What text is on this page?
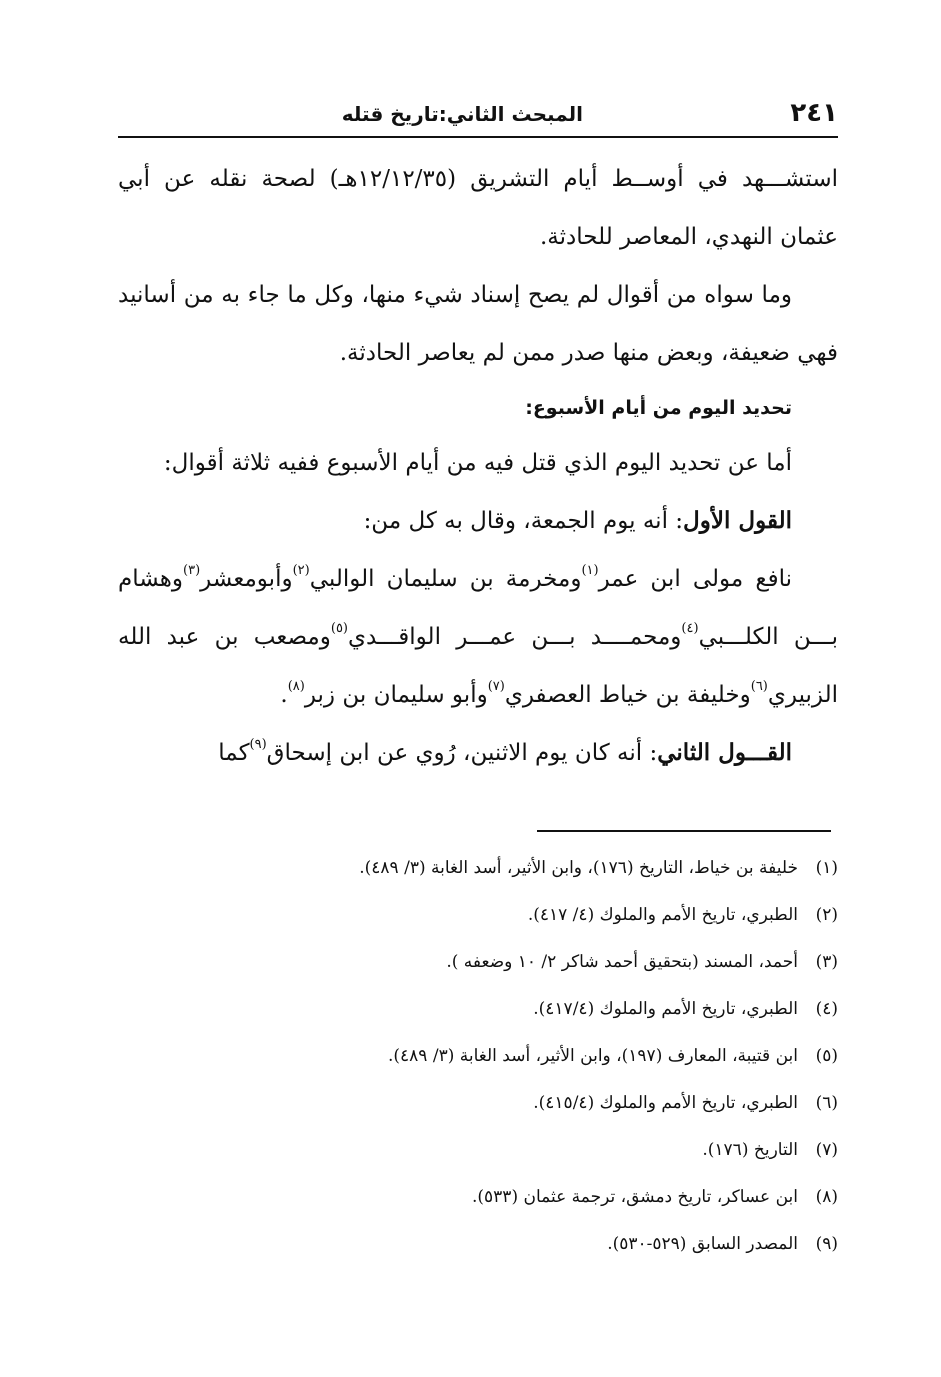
٢٤١
المبحث الثاني:تاريخ قتله

استشـــهد في أوســط أيام التشريق (١٢/١٢/٣٥هـ) لصحة نقله عن أبي عثمان النهدي، المعاصر للحادثة.

وما سواه من أقوال لم يصح إسناد شيء منها، وكل ما جاء به من أسانيد فهي ضعيفة، وبعض منها صدر ممن لم يعاصر الحادثة.

تحديد اليوم من أيام الأسبوع:

أما عن تحديد اليوم الذي قتل فيه من أيام الأسبوع ففيه ثلاثة أقوال:

القول الأول: أنه يوم الجمعة، وقال به كل من:

نافع مولى ابن عمر$^{(١)}$ومخرمة بن سليمان الوالبي$^{(٢)}$وأبومعشر$^{(٣)}$وهشام بـــن الكلـــبي$^{(٤)}$ومحمــــد بـــن عمـــر الواقـــدي$^{(٥)}$ومصعب بن عبد الله الزبيري$^{(٦)}$وخليفة بن خياط العصفري$^{(٧)}$وأبو سليمان بن زبر$^{(٨)}$.

القـــول الثاني: أنه كان يوم الاثنين، رُوي عن ابن إسحاق$^{(٩)}$كما

(١)خليفة بن خياط، التاريخ (١٧٦)، وابن الأثير، أسد الغابة (٣/ ٤٨٩).
(٢)الطبري، تاريخ الأمم والملوك (٤/ ٤١٧).
(٣)أحمد، المسند (بتحقيق أحمد شاكر ٢/ ١٠ وضعفه ).
(٤)الطبري، تاريخ الأمم والملوك (٤١٧/٤).
(٥)ابن قتيبة، المعارف (١٩٧)، وابن الأثير، أسد الغابة (٣/ ٤٨٩).
(٦)الطبري، تاريخ الأمم والملوك (٤١٥/٤).
(٧)التاريخ (١٧٦).
(٨)ابن عساكر، تاريخ دمشق، ترجمة عثمان (٥٣٣).
(٩)المصدر السابق (٥٢٩-٥٣٠).
